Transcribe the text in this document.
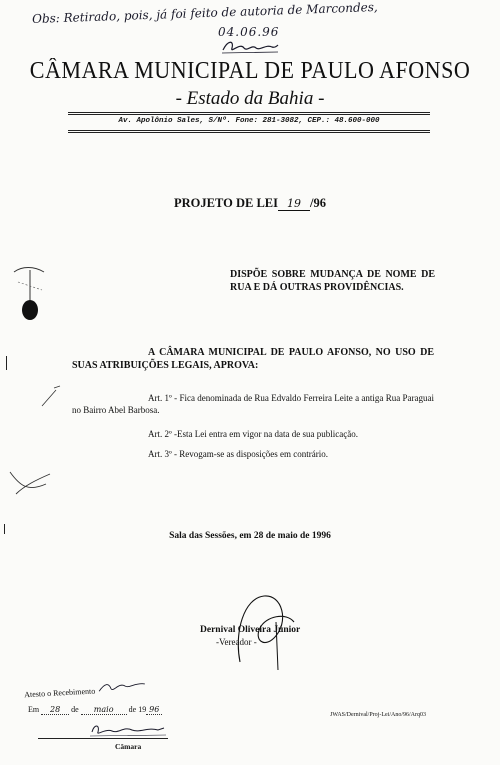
Obs: Retirado, pois, já foi feito de autoria de Marcondes,
04.06.96
CÂMARA MUNICIPAL DE PAULO AFONSO
- Estado da Bahia -
Av. Apolônio Sales, S/Nº. Fone: 281-3082, CEP.: 48.600-000
PROJETO DE LEI 19 /96
DISPÕE SOBRE MUDANÇA DE NOME DE RUA E DÁ OUTRAS PROVIDÊNCIAS.
A CÂMARA MUNICIPAL DE PAULO AFONSO, NO USO DE SUAS ATRIBUIÇÕES LEGAIS, APROVA:
Art. 1º - Fica denominada de Rua Edvaldo Ferreira Leite a antiga Rua Paraguai no Bairro Abel Barbosa.
Art. 2º -Esta Lei entra em vigor na data de sua publicação.
Art. 3º - Revogam-se as disposições em contrário.
Sala das Sessões, em 28 de maio de 1996
Dernival Oliveira Júnior
-Vereador -
Atesto o Recebimento
Em 28 de maio de 19 96
Câmara
JWAS/Dernival/Proj-Lei/Ano/96/Arq03
